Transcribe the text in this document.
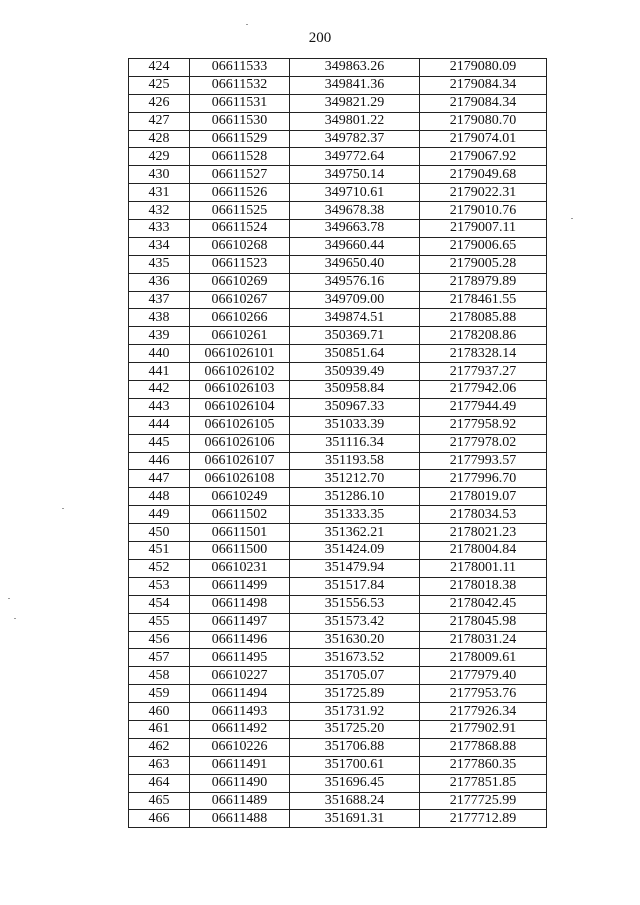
200
424	06611533	349863.26	2179080.09
425	06611532	349841.36	2179084.34
426	06611531	349821.29	2179084.34
427	06611530	349801.22	2179080.70
428	06611529	349782.37	2179074.01
429	06611528	349772.64	2179067.92
430	06611527	349750.14	2179049.68
431	06611526	349710.61	2179022.31
432	06611525	349678.38	2179010.76
433	06611524	349663.78	2179007.11
434	06610268	349660.44	2179006.65
435	06611523	349650.40	2179005.28
436	06610269	349576.16	2178979.89
437	06610267	349709.00	2178461.55
438	06610266	349874.51	2178085.88
439	06610261	350369.71	2178208.86
440	0661026101	350851.64	2178328.14
441	0661026102	350939.49	2177937.27
442	0661026103	350958.84	2177942.06
443	0661026104	350967.33	2177944.49
444	0661026105	351033.39	2177958.92
445	0661026106	351116.34	2177978.02
446	0661026107	351193.58	2177993.57
447	0661026108	351212.70	2177996.70
448	06610249	351286.10	2178019.07
449	06611502	351333.35	2178034.53
450	06611501	351362.21	2178021.23
451	06611500	351424.09	2178004.84
452	06610231	351479.94	2178001.11
453	06611499	351517.84	2178018.38
454	06611498	351556.53	2178042.45
455	06611497	351573.42	2178045.98
456	06611496	351630.20	2178031.24
457	06611495	351673.52	2178009.61
458	06610227	351705.07	2177979.40
459	06611494	351725.89	2177953.76
460	06611493	351731.92	2177926.34
461	06611492	351725.20	2177902.91
462	06610226	351706.88	2177868.88
463	06611491	351700.61	2177860.35
464	06611490	351696.45	2177851.85
465	06611489	351688.24	2177725.99
466	06611488	351691.31	2177712.89
